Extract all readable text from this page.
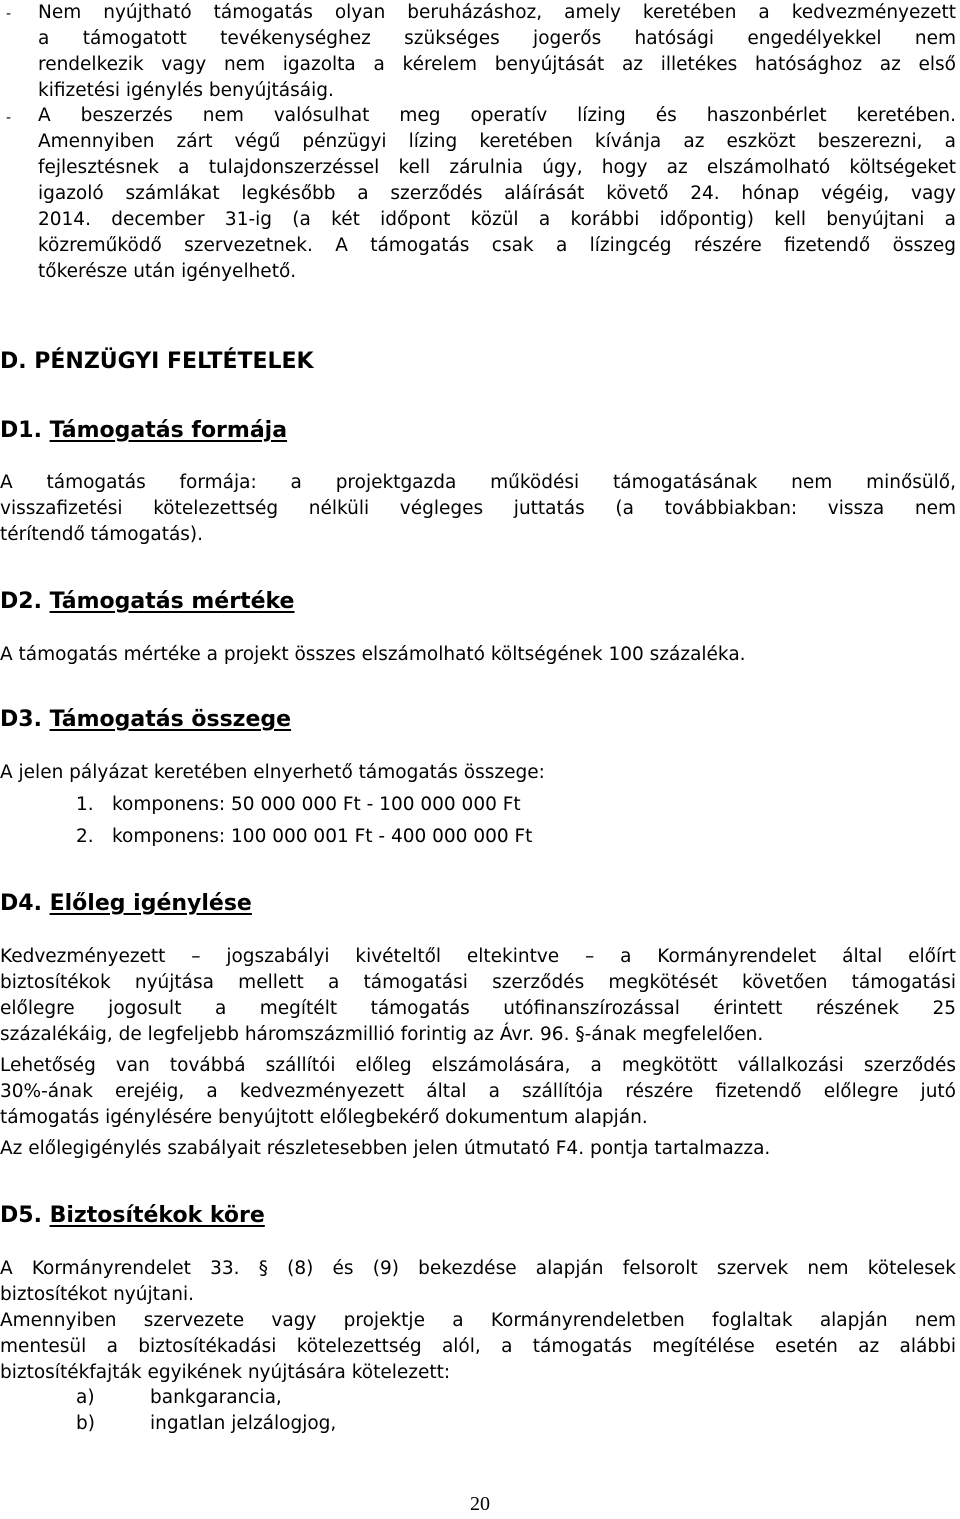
- Nem nyújtható támogatás olyan beruházáshoz, amely keretében a kedvezményezett
a támogatott tevékenységhez szükséges jogerős hatósági engedélyekkel nem
rendelkezik vagy nem igazolta a kérelem benyújtását az illetékes hatósághoz az első
kifizetési igénylés benyújtásáig.
- A beszerzés nem valósulhat meg operatív lízing és haszonbérlet keretében.
Amennyiben zárt végű pénzügyi lízing keretében kívánja az eszközt beszerezni, a
fejlesztésnek a tulajdonszerzéssel kell zárulnia úgy, hogy az elszámolható költségeket
igazoló számlákat legkésőbb a szerződés aláírását követő 24. hónap végéig, vagy
2014. december 31-ig (a két időpont közül a korábbi időpontig) kell benyújtani a
közreműködő szervezetnek. A támogatás csak a lízingcég részére fizetendő összeg
tőkerésze után igényelhető.
D. PÉNZÜGYI FELTÉTELEK
D1. Támogatás formája
A támogatás formája: a projektgazda működési támogatásának nem minősülő,
visszafizetési kötelezettség nélküli végleges juttatás (a továbbiakban: vissza nem
térítendő támogatás).
D2. Támogatás mértéke
A támogatás mértéke a projekt összes elszámolható költségének 100 százaléka.
D3. Támogatás összege
A jelen pályázat keretében elnyerhető támogatás összege:
1. komponens: 50 000 000 Ft - 100 000 000 Ft
2. komponens: 100 000 001 Ft - 400 000 000 Ft
D4. Előleg igénylése
Kedvezményezett – jogszabályi kivételtől eltekintve – a Kormányrendelet által előírt
biztosítékok nyújtása mellett a támogatási szerződés megkötését követően támogatási
előlegre jogosult a megítélt támogatás utófinanszírozással érintett részének 25
százalékáig, de legfeljebb háromszázmillió forintig az Ávr. 96. §-ának megfelelően.
Lehetőség van továbbá szállítói előleg elszámolására, a megkötött vállalkozási szerződés
30%-ának erejéig, a kedvezményezett által a szállítója részére fizetendő előlegre jutó
támogatás igénylésére benyújtott előlegbekérő dokumentum alapján.
Az előlegigénylés szabályait részletesebben jelen útmutató F4. pontja tartalmazza.
D5. Biztosítékok köre
A Kormányrendelet 33. § (8) és (9) bekezdése alapján felsorolt szervek nem kötelesek
biztosítékot nyújtani.
Amennyiben szervezete vagy projektje a Kormányrendeletben foglaltak alapján nem
mentesül a biztosítékadási kötelezettség alól, a támogatás megítélése esetén az alábbi
biztosítékfajták egyikének nyújtására kötelezett:
a)	bankgarancia,
b)	ingatlan jelzálogjog,
20
